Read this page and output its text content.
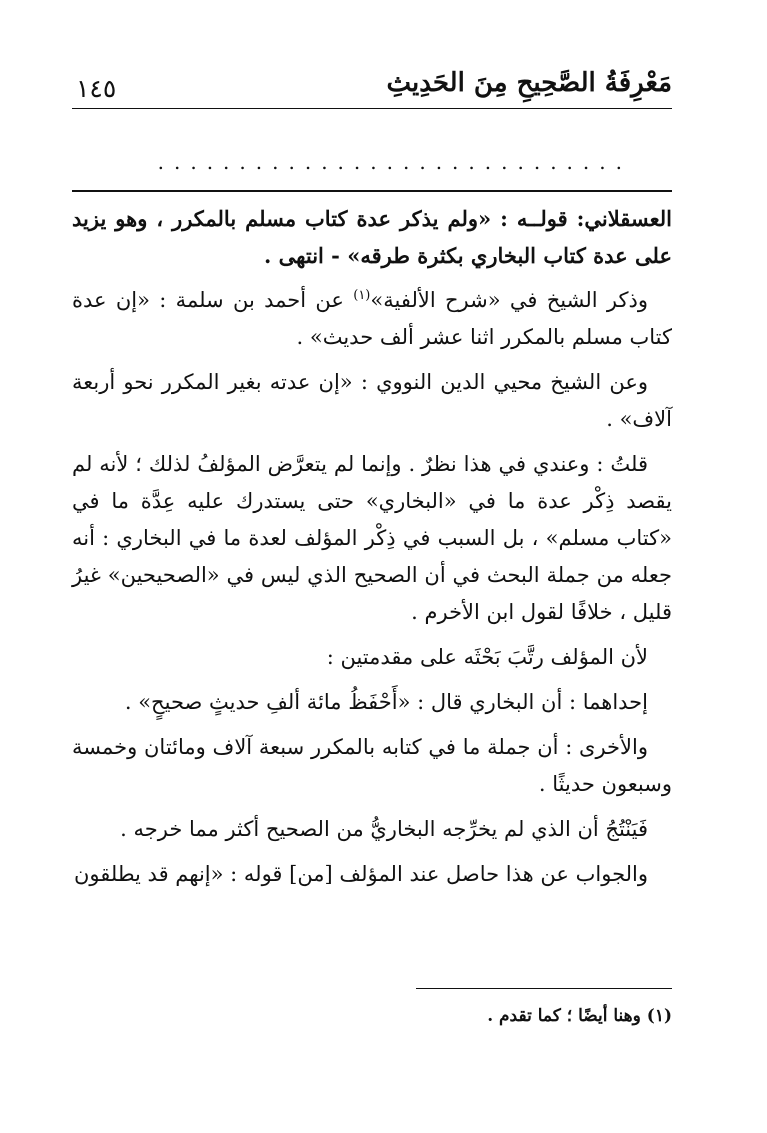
مَعْرِفَةُ الصَّحِيحِ مِنَ الحَدِيثِ
١٤٥
.............................

العسقلاني: قولــه : «ولم يذكر عدة كتاب مسلم بالمكرر ، وهو يزيد على عدة كتاب البخاري بكثرة طرقه» - انتهى .

وذكر الشيخ في «شرح الألفية»$^{(١)}$ عن أحمد بن سلمة : «إن عدة كتاب مسلم بالمكرر اثنا عشر ألف حديث» .

وعن الشيخ محيي الدين النووي : «إن عدته بغير المكرر نحو أربعة آلاف» .

قلتُ : وعندي في هذا نظرٌ . وإنما لم يتعرَّض المؤلفُ لذلك ؛ لأنه لم يقصد ذِكْر عدة ما في «البخاري» حتى يستدرك عليه عِدَّة ما في «كتاب مسلم» ، بل السبب في ذِكْر المؤلف لعدة ما في البخاري : أنه جعله من جملة البحث في أن الصحيح الذي ليس في «الصحيحين» غيرُ قليل ، خلافًا لقول ابن الأخرم .

لأن المؤلف رتَّبَ بَحْثَه على مقدمتين :

إحداهما : أن البخاري قال : «أَحْفَظُ مائة ألفِ حديثٍ صحيحٍ» .

والأخرى : أن جملة ما في كتابه بالمكرر سبعة آلاف ومائتان وخمسة وسبعون حديثًا .

فَيَنْتُجُ أن الذي لم يخرِّجه البخاريُّ من الصحيح أكثر مما خرجه .

والجواب عن هذا حاصل عند المؤلف [من] قوله : «إنهم قد يطلقون

(١) وهنا أيضًا ؛ كما تقدم .
